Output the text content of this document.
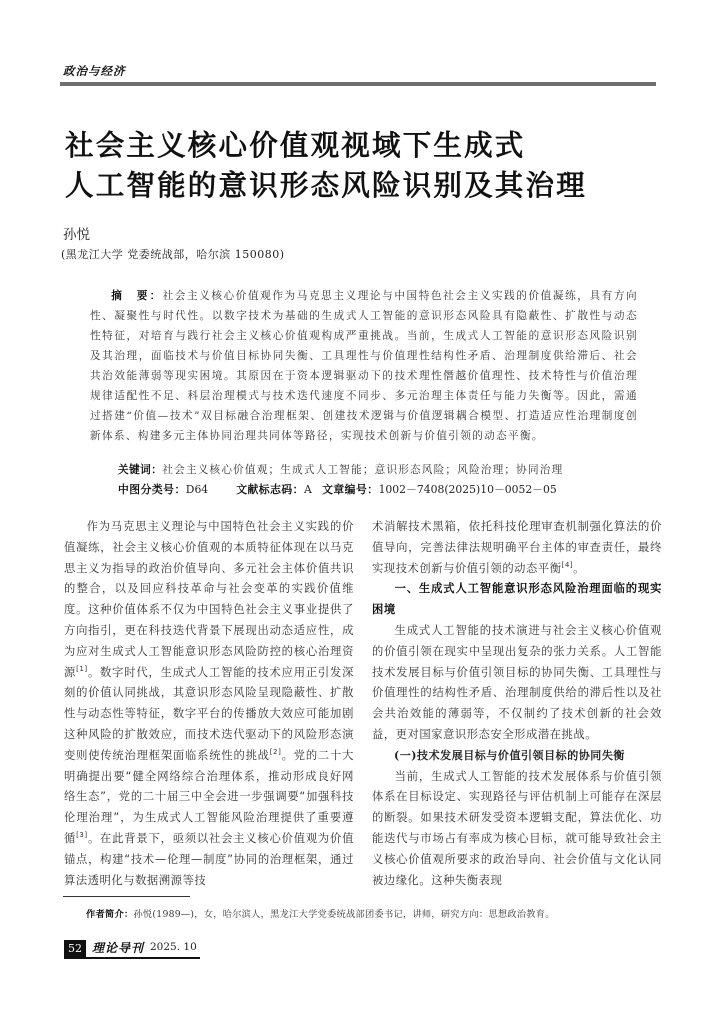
政治与经济
社会主义核心价值观视域下生成式
人工智能的意识形态风险识别及其治理
孙悦
(黑龙江大学 党委统战部，哈尔滨 150080)
摘　要：社会主义核心价值观作为马克思主义理论与中国特色社会主义实践的价值凝练，具有方向性、凝聚性与时代性。以数字技术为基础的生成式人工智能的意识形态风险具有隐蔽性、扩散性与动态性特征，对培育与践行社会主义核心价值观构成严重挑战。当前，生成式人工智能的意识形态风险识别及其治理，面临技术与价值目标协同失衡、工具理性与价值理性结构性矛盾、治理制度供给滞后、社会共治效能薄弱等现实困境。其原因在于资本逻辑驱动下的技术理性僭越价值理性、技术特性与价值治理规律适配性不足、科层治理模式与技术迭代速度不同步、多元治理主体责任与能力失衡等。因此，需通过搭建“价值—技术”双目标融合治理框架、创建技术逻辑与价值逻辑耦合模型、打造适应性治理制度创新体系、构建多元主体协同治理共同体等路径，实现技术创新与价值引领的动态平衡。
关键词：社会主义核心价值观；生成式人工智能；意识形态风险；风险治理；协同治理
中图分类号：D64	文献标志码：A 文章编号：1002－7408(2025)10－0052－05

作为马克思主义理论与中国特色社会主义实践的价值凝练，社会主义核心价值观的本质特征体现在以马克思主义为指导的政治价值导向、多元社会主体价值共识的整合，以及回应科技革命与社会变革的实践价值维度。这种价值体系不仅为中国特色社会主义事业提供了方向指引，更在科技迭代背景下展现出动态适应性，成为应对生成式人工智能意识形态风险防控的核心治理资源[1]。数字时代，生成式人工智能的技术应用正引发深刻的价值认同挑战，其意识形态风险呈现隐蔽性、扩散性与动态性等特征，数字平台的传播放大效应可能加剧这种风险的扩散效应，而技术迭代驱动下的风险形态演变则使传统治理框架面临系统性的挑战[2]。党的二十大明确提出要“健全网络综合治理体系，推动形成良好网络生态”，党的二十届三中全会进一步强调要“加强科技伦理治理”，为生成式人工智能风险治理提供了重要遵循[3]。在此背景下，亟须以社会主义核心价值观为价值锚点，构建“技术—伦理—制度”协同的治理框架，通过算法透明化与数据溯源等技

术消解技术黑箱，依托科技伦理审查机制强化算法的价值导向，完善法律法规明确平台主体的审查责任，最终实现技术创新与价值引领的动态平衡[4]。

一、生成式人工智能意识形态风险治理面临的现实困境

生成式人工智能的技术演进与社会主义核心价值观的价值引领在现实中呈现出复杂的张力关系。人工智能技术发展目标与价值引领目标的协同失衡、工具理性与价值理性的结构性矛盾、治理制度供给的滞后性以及社会共治效能的薄弱等，不仅制约了技术创新的社会效益，更对国家意识形态安全形成潜在挑战。

(一)技术发展目标与价值引领目标的协同失衡

当前，生成式人工智能的技术发展体系与价值引领体系在目标设定、实现路径与评估机制上可能存在深层的断裂。如果技术研发受资本逻辑支配，算法优化、功能迭代与市场占有率成为核心目标，就可能导致社会主义核心价值观所要求的政治导向、社会价值与文化认同被边缘化。这种失衡表现

作者简介：孙悦(1989—)，女，哈尔滨人，黑龙江大学党委统战部团委书记，讲师，研究方向：思想政治教育。
52 理论导刊 2025. 10
